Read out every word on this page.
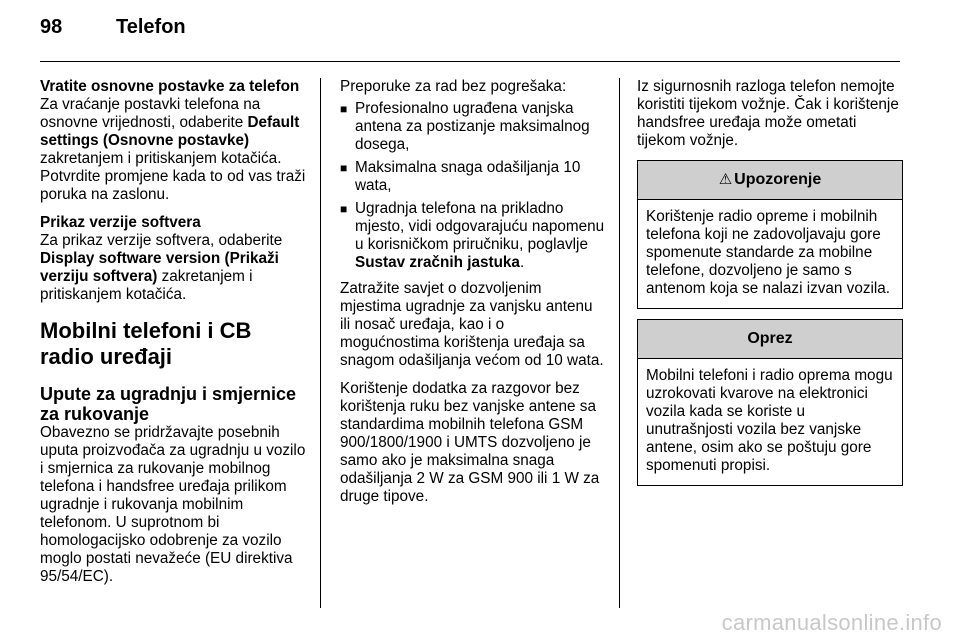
98	Telefon
Vratite osnovne postavke za telefon

Za vraćanje postavki telefona na osnovne vrijednosti, odaberite Default settings (Osnovne postavke) zakretanjem i pritiskanjem kotačića. Potvrdite promjene kada to od vas traži poruka na zaslonu.

Prikaz verzije softvera

Za prikaz verzije softvera, odaberite Display software version (Prikaži verziju softvera) zakretanjem i pritiskanjem kotačića.

Mobilni telefoni i CB radio uređaji
Upute za ugradnju i smjernice za rukovanje

Obavezno se pridržavajte posebnih uputa proizvođača za ugradnju u vozilo i smjernica za rukovanje mobilnog telefona i handsfree uređaja prilikom ugradnje i rukovanja mobilnim telefonom. U suprotnom bi homologacijsko odobrenje za vozilo moglo postati nevažeće (EU direktiva 95/54/EC).

Preporuke za rad bez pogrešaka:

■ Profesionalno ugrađena vanjska antena za postizanje maksimalnog dosega,
■ Maksimalna snaga odašiljanja 10 wata,
■ Ugradnja telefona na prikladno mjesto, vidi odgovarajuću napomenu u korisničkom priručniku, poglavlje Sustav zračnih jastuka.

Zatražite savjet o dozvoljenim mjestima ugradnje za vanjsku antenu ili nosač uređaja, kao i o mogućnostima korištenja uređaja sa snagom odašiljanja većom od 10 wata.

Korištenje dodatka za razgovor bez korištenja ruku bez vanjske antene sa standardima mobilnih telefona GSM 900/1800/1900 i UMTS dozvoljeno je samo ako je maksimalna snaga odašiljanja 2 W za GSM 900 ili 1 W za druge tipove.

Iz sigurnosnih razloga telefon nemojte koristiti tijekom vožnje. Čak i korištenje handsfree uređaja može ometati tijekom vožnje.

⚠ Upozorenje
Korištenje radio opreme i mobilnih telefona koji ne zadovoljavaju gore spomenute standarde za mobilne telefone, dozvoljeno je samo s antenom koja se nalazi izvan vozila.
Oprez
Mobilni telefoni i radio oprema mogu uzrokovati kvarove na elektronici vozila kada se koriste u unutrašnjosti vozila bez vanjske antene, osim ako se poštuju gore spomenuti propisi.
carmanualsonline.info
